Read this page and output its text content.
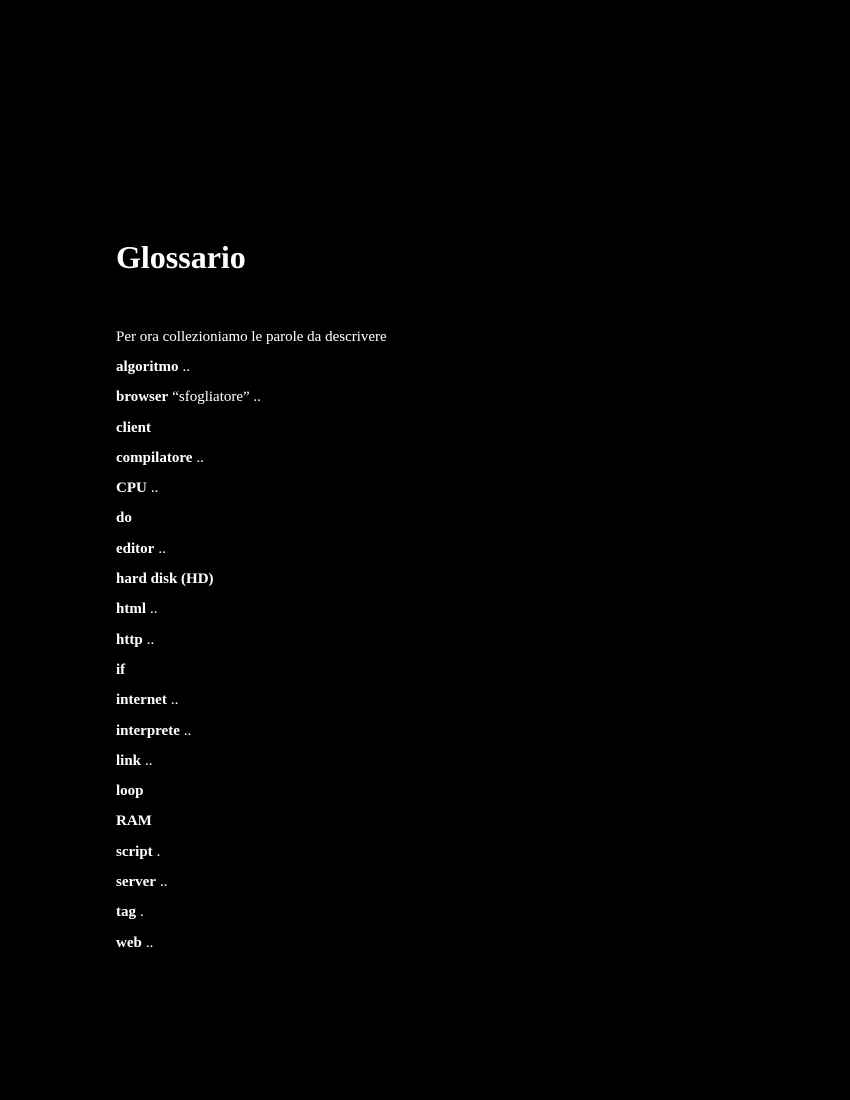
Glossario

Per ora collezioniamo le parole da descrivere

algoritmo ..
browser “sfogliatore” ..
client
compilatore ..
CPU ..
do
editor ..
hard disk (HD)
html ..
http ..
if
internet ..
interprete ..
link ..
loop
RAM
script .
server ..
tag .
web ..
